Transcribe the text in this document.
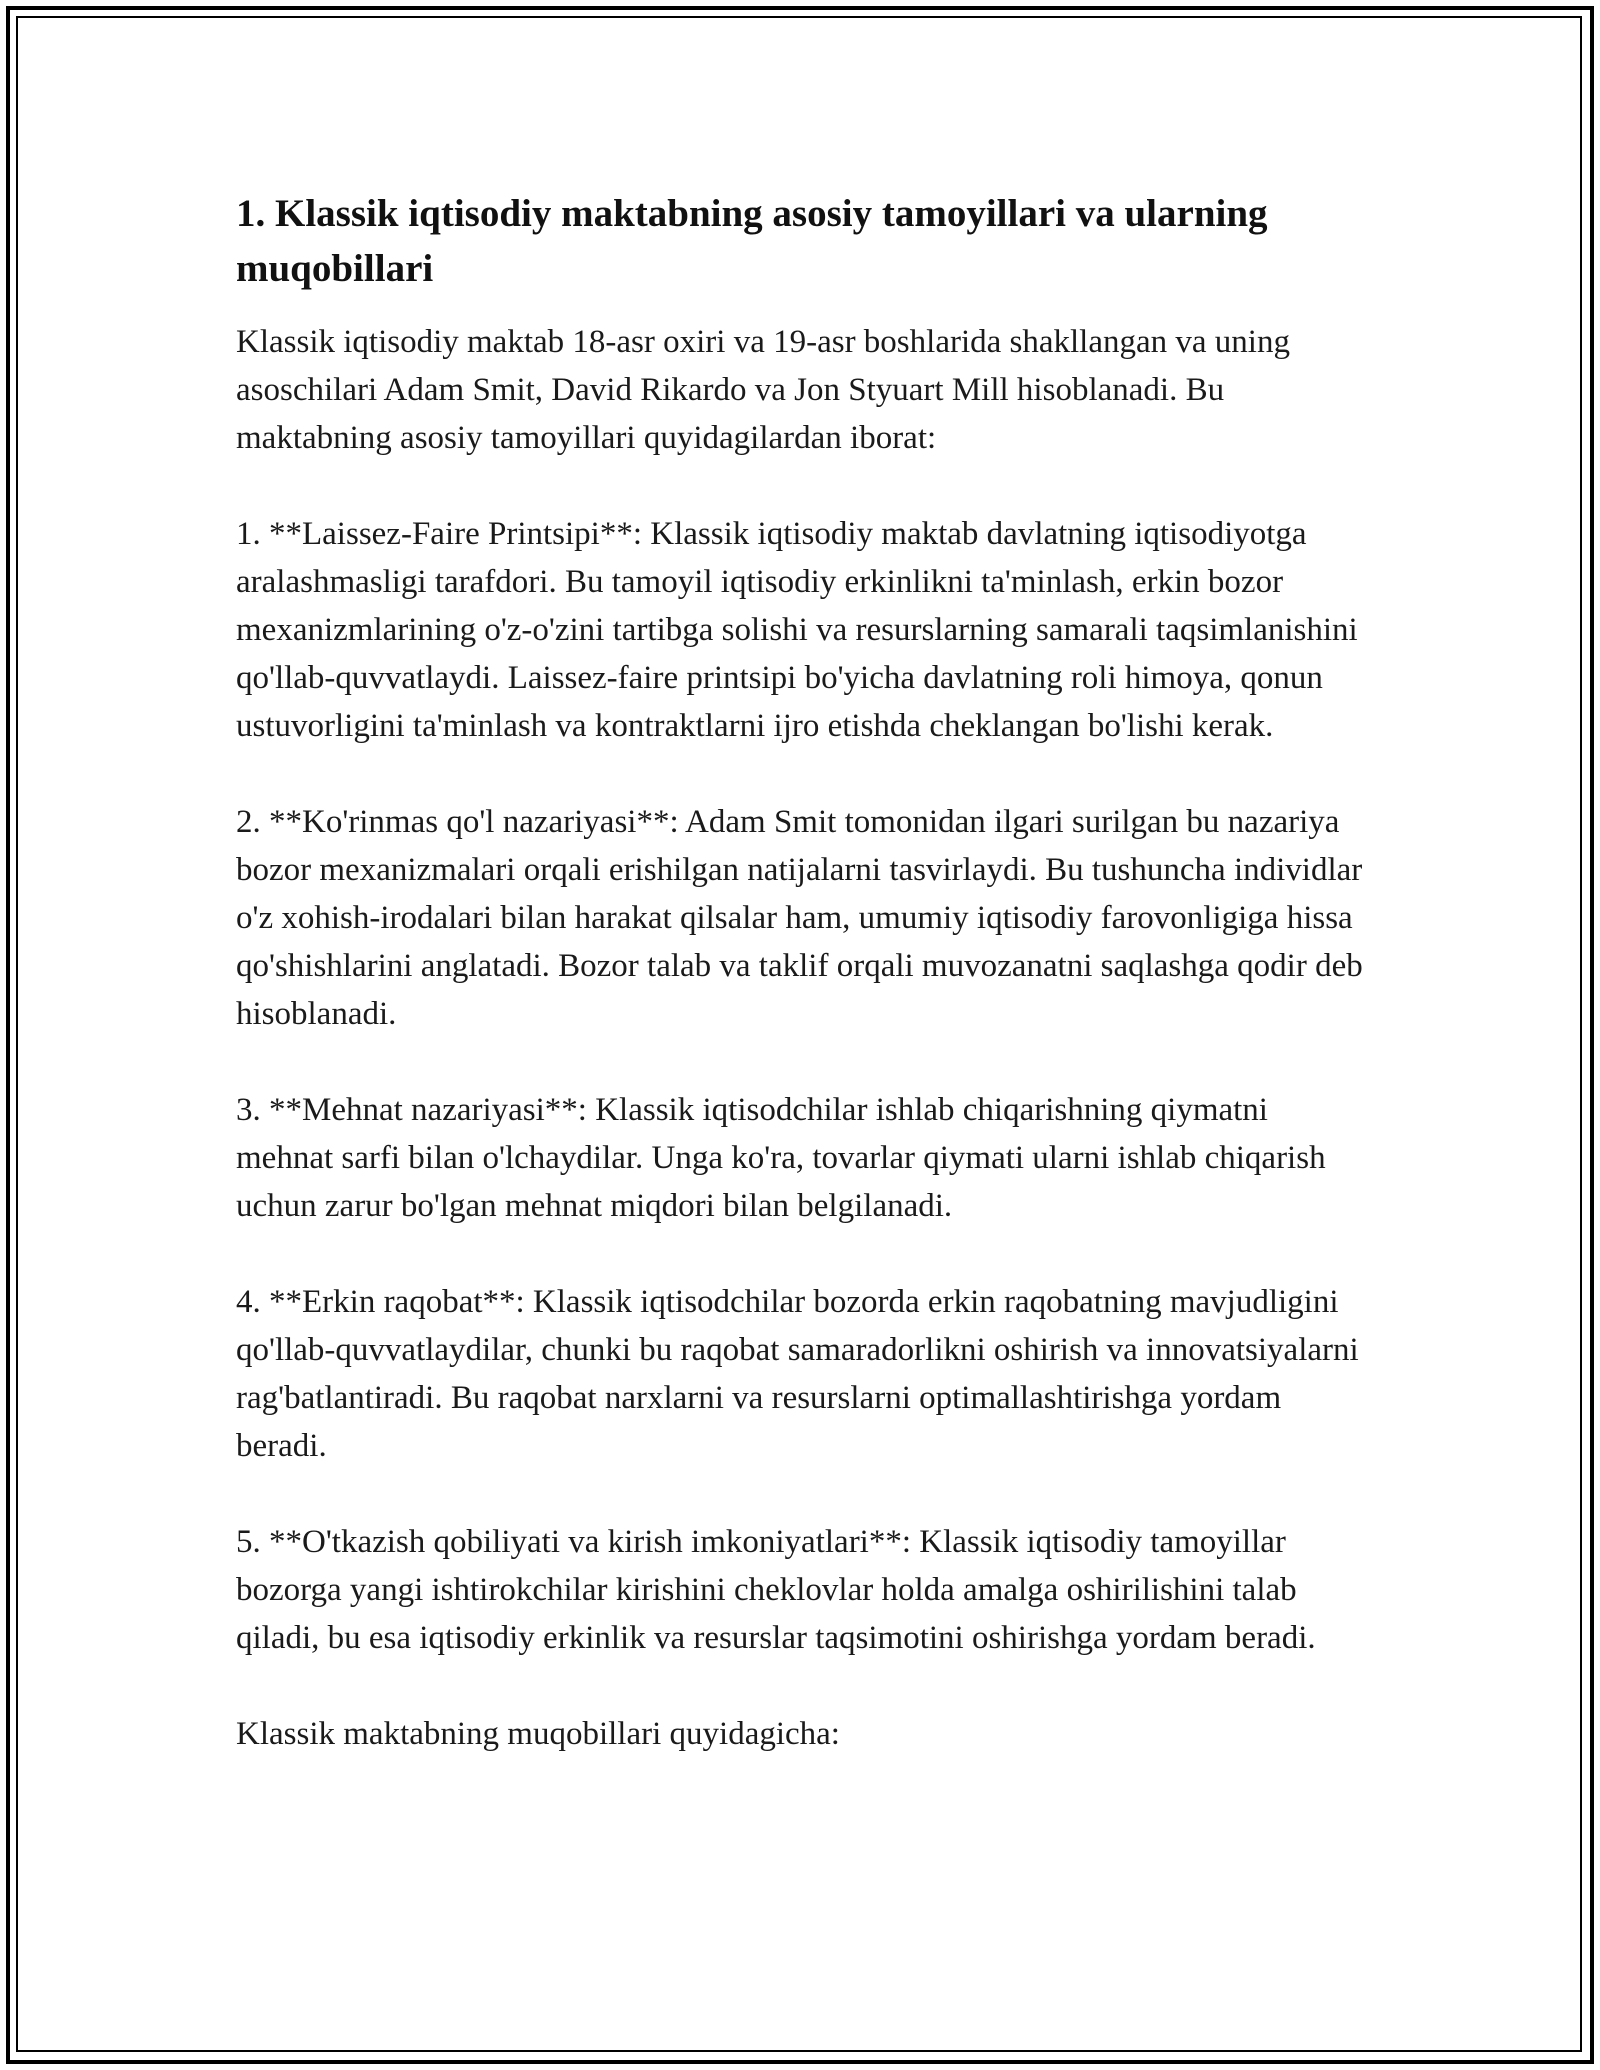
1. Klassik iqtisodiy maktabning asosiy tamoyillari va ularning muqobillari

Klassik iqtisodiy maktab 18-asr oxiri va 19-asr boshlarida shakllangan va uning asoschilari Adam Smit, David Rikardo va Jon Styuart Mill hisoblanadi. Bu maktabning asosiy tamoyillari quyidagilardan iborat:

1. **Laissez-Faire Printsipi**: Klassik iqtisodiy maktab davlatning iqtisodiyotga aralashmasligi tarafdori. Bu tamoyil iqtisodiy erkinlikni ta'minlash, erkin bozor mexanizmlarining o'z-o'zini tartibga solishi va resurslarning samarali taqsimlanishini qo'llab-quvvatlaydi. Laissez-faire printsipi bo'yicha davlatning roli himoya, qonun ustuvorligini ta'minlash va kontraktlarni ijro etishda cheklangan bo'lishi kerak.

2. **Ko'rinmas qo'l nazariyasi**: Adam Smit tomonidan ilgari surilgan bu nazariya bozor mexanizmalari orqali erishilgan natijalarni tasvirlaydi. Bu tushuncha individlar o'z xohish-irodalari bilan harakat qilsalar ham, umumiy iqtisodiy farovonligiga hissa qo'shishlarini anglatadi. Bozor talab va taklif orqali muvozanatni saqlashga qodir deb hisoblanadi.

3. **Mehnat nazariyasi**: Klassik iqtisodchilar ishlab chiqarishning qiymatni mehnat sarfi bilan o'lchaydilar. Unga ko'ra, tovarlar qiymati ularni ishlab chiqarish uchun zarur bo'lgan mehnat miqdori bilan belgilanadi.

4. **Erkin raqobat**: Klassik iqtisodchilar bozorda erkin raqobatning mavjudligini qo'llab-quvvatlaydilar, chunki bu raqobat samaradorlikni oshirish va innovatsiyalarni rag'batlantiradi. Bu raqobat narxlarni va resurslarni optimallashtirishga yordam beradi.

5. **O'tkazish qobiliyati va kirish imkoniyatlari**: Klassik iqtisodiy tamoyillar bozorga yangi ishtirokchilar kirishini cheklovlar holda amalga oshirilishini talab qiladi, bu esa iqtisodiy erkinlik va resurslar taqsimotini oshirishga yordam beradi.

Klassik maktabning muqobillari quyidagicha:
